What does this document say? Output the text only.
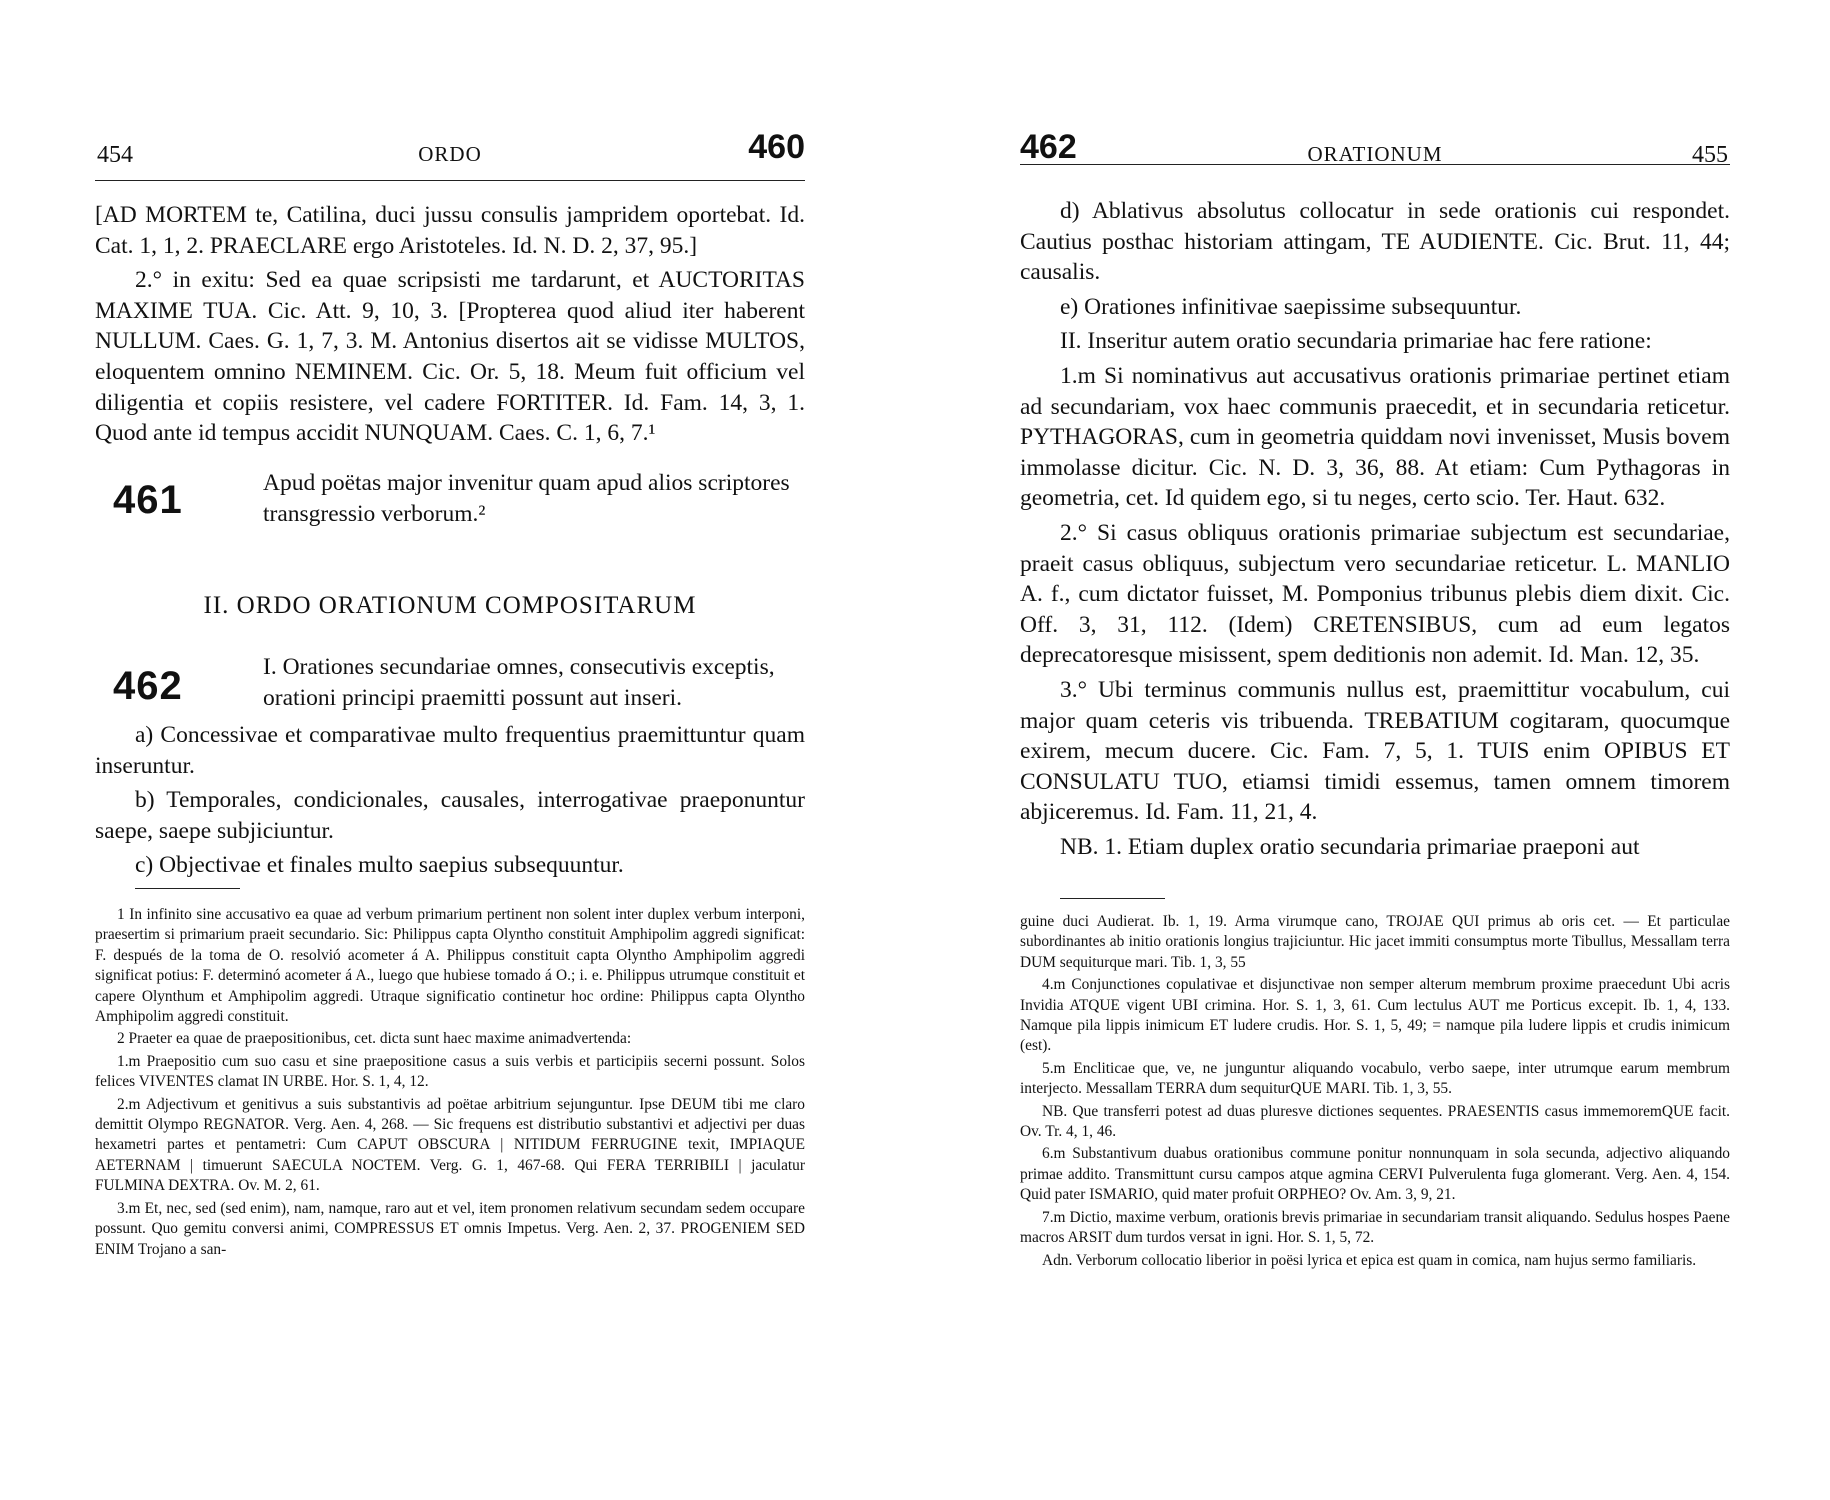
454	ORDO	460

[AD MORTEM te, Catilina, duci jussu consulis jampridem oportebat. Id. Cat. 1, 1, 2. PRAECLARE ergo Aristoteles. Id. N. D. 2, 37, 95.]

2.° in exitu: Sed ea quae scripsisti me tardarunt, et AUCTORITAS MAXIME TUA. Cic. Att. 9, 10, 3. [Propterea quod aliud iter haberent NULLUM. Caes. G. 1, 7, 3. M. Antonius disertos ait se vidisse MULTOS, eloquentem omnino NEMINEM. Cic. Or. 5, 18. Meum fuit officium vel diligentia et copiis resistere, vel cadere FORTITER. Id. Fam. 14, 3, 1. Quod ante id tempus accidit NUNQUAM. Caes. C. 1, 6, 7.¹

461	Apud poëtas major invenitur quam apud alios scriptores transgressio verborum.²
II. ORDO ORATIONUM COMPOSITARUM
462	I. Orationes secundariae omnes, consecutivis exceptis, orationi principi praemitti possunt aut inseri.

a) Concessivae et comparativae multo frequentius praemittuntur quam inseruntur.

b) Temporales, condicionales, causales, interrogativae praeponuntur saepe, saepe subjiciuntur.

c) Objectivae et finales multo saepius subsequuntur.

1 In infinito sine accusativo ea quae ad verbum primarium pertinent non solent inter duplex verbum interponi, praesertim si primarium praeit secundario. Sic: Philippus capta Olyntho constituit Amphipolim aggredi significat: F. después de la toma de O. resolvió acometer á A. Philippus constituit capta Olyntho Amphipolim aggredi significat potius: F. determinó acometer á A., luego que hubiese tomado á O.; i. e. Philippus utrumque constituit et capere Olynthum et Amphipolim aggredi. Utraque significatio continetur hoc ordine: Philippus capta Olyntho Amphipolim aggredi constituit.

2 Praeter ea quae de praepositionibus, cet. dicta sunt haec maxime animadvertenda:

1.m Praepositio cum suo casu et sine praepositione casus a suis verbis et participiis secerni possunt. Solos felices VIVENTES clamat IN URBE. Hor. S. 1, 4, 12.

2.m Adjectivum et genitivus a suis substantivis ad poëtae arbitrium sejunguntur. Ipse DEUM tibi me claro demittit Olympo REGNATOR. Verg. Aen. 4, 268. — Sic frequens est distributio substantivi et adjectivi per duas hexametri partes et pentametri: Cum CAPUT OBSCURA | NITIDUM FERRUGINE texit, IMPIAQUE AETERNAM | timuerunt SAECULA NOCTEM. Verg. G. 1, 467-68. Qui FERA TERRIBILI | jaculatur FULMINA DEXTRA. Ov. M. 2, 61.

3.m Et, nec, sed (sed enim), nam, namque, raro aut et vel, item pronomen relativum secundam sedem occupare possunt. Quo gemitu conversi animi, COMPRESSUS ET omnis Impetus. Verg. Aen. 2, 37. PROGENIEM SED ENIM Trojano a san-

462	ORATIONUM	455

d) Ablativus absolutus collocatur in sede orationis cui respondet. Cautius posthac historiam attingam, TE AUDIENTE. Cic. Brut. 11, 44; causalis.

e) Orationes infinitivae saepissime subsequuntur.

II. Inseritur autem oratio secundaria primariae hac fere ratione:

1.m Si nominativus aut accusativus orationis primariae pertinet etiam ad secundariam, vox haec communis praecedit, et in secundaria reticetur. PYTHAGORAS, cum in geometria quiddam novi invenisset, Musis bovem immolasse dicitur. Cic. N. D. 3, 36, 88. At etiam: Cum Pythagoras in geometria, cet. Id quidem ego, si tu neges, certo scio. Ter. Haut. 632.

2.° Si casus obliquus orationis primariae subjectum est secundariae, praeit casus obliquus, subjectum vero secundariae reticetur. L. MANLIO A. f., cum dictator fuisset, M. Pomponius tribunus plebis diem dixit. Cic. Off. 3, 31, 112. (Idem) CRETENSIBUS, cum ad eum legatos deprecatoresque misissent, spem deditionis non ademit. Id. Man. 12, 35.

3.° Ubi terminus communis nullus est, praemittitur vocabulum, cui major quam ceteris vis tribuenda. TREBATIUM cogitaram, quocumque exirem, mecum ducere. Cic. Fam. 7, 5, 1. TUIS enim OPIBUS ET CONSULATU TUO, etiamsi timidi essemus, tamen omnem timorem abjiceremus. Id. Fam. 11, 21, 4.

NB. 1. Etiam duplex oratio secundaria primariae praeponi aut

guine duci Audierat. Ib. 1, 19. Arma virumque cano, TROJAE QUI primus ab oris cet. — Et particulae subordinantes ab initio orationis longius trajiciuntur. Hic jacet immiti consumptus morte Tibullus, Messallam terra DUM sequiturque mari. Tib. 1, 3, 55

4.m Conjunctiones copulativae et disjunctivae non semper alterum membrum proxime praecedunt Ubi acris Invidia ATQUE vigent UBI crimina. Hor. S. 1, 3, 61. Cum lectulus AUT me Porticus excepit. Ib. 1, 4, 133. Namque pila lippis inimicum ET ludere crudis. Hor. S. 1, 5, 49; = namque pila ludere lippis et crudis inimicum (est).

5.m Encliticae que, ve, ne junguntur aliquando vocabulo, verbo saepe, inter utrumque earum membrum interjecto. Messallam TERRA dum sequiturQUE MARI. Tib. 1, 3, 55.

NB. Que transferri potest ad duas pluresve dictiones sequentes. PRAESENTIS casus immemoremQUE facit. Ov. Tr. 4, 1, 46.

6.m Substantivum duabus orationibus commune ponitur nonnunquam in sola secunda, adjectivo aliquando primae addito. Transmittunt cursu campos atque agmina CERVI Pulverulenta fuga glomerant. Verg. Aen. 4, 154. Quid pater ISMARIO, quid mater profuit ORPHEO? Ov. Am. 3, 9, 21.

7.m Dictio, maxime verbum, orationis brevis primariae in secundariam transit aliquando. Sedulus hospes Paene macros ARSIT dum turdos versat in igni. Hor. S. 1, 5, 72.

Adn. Verborum collocatio liberior in poësi lyrica et epica est quam in comica, nam hujus sermo familiaris.
